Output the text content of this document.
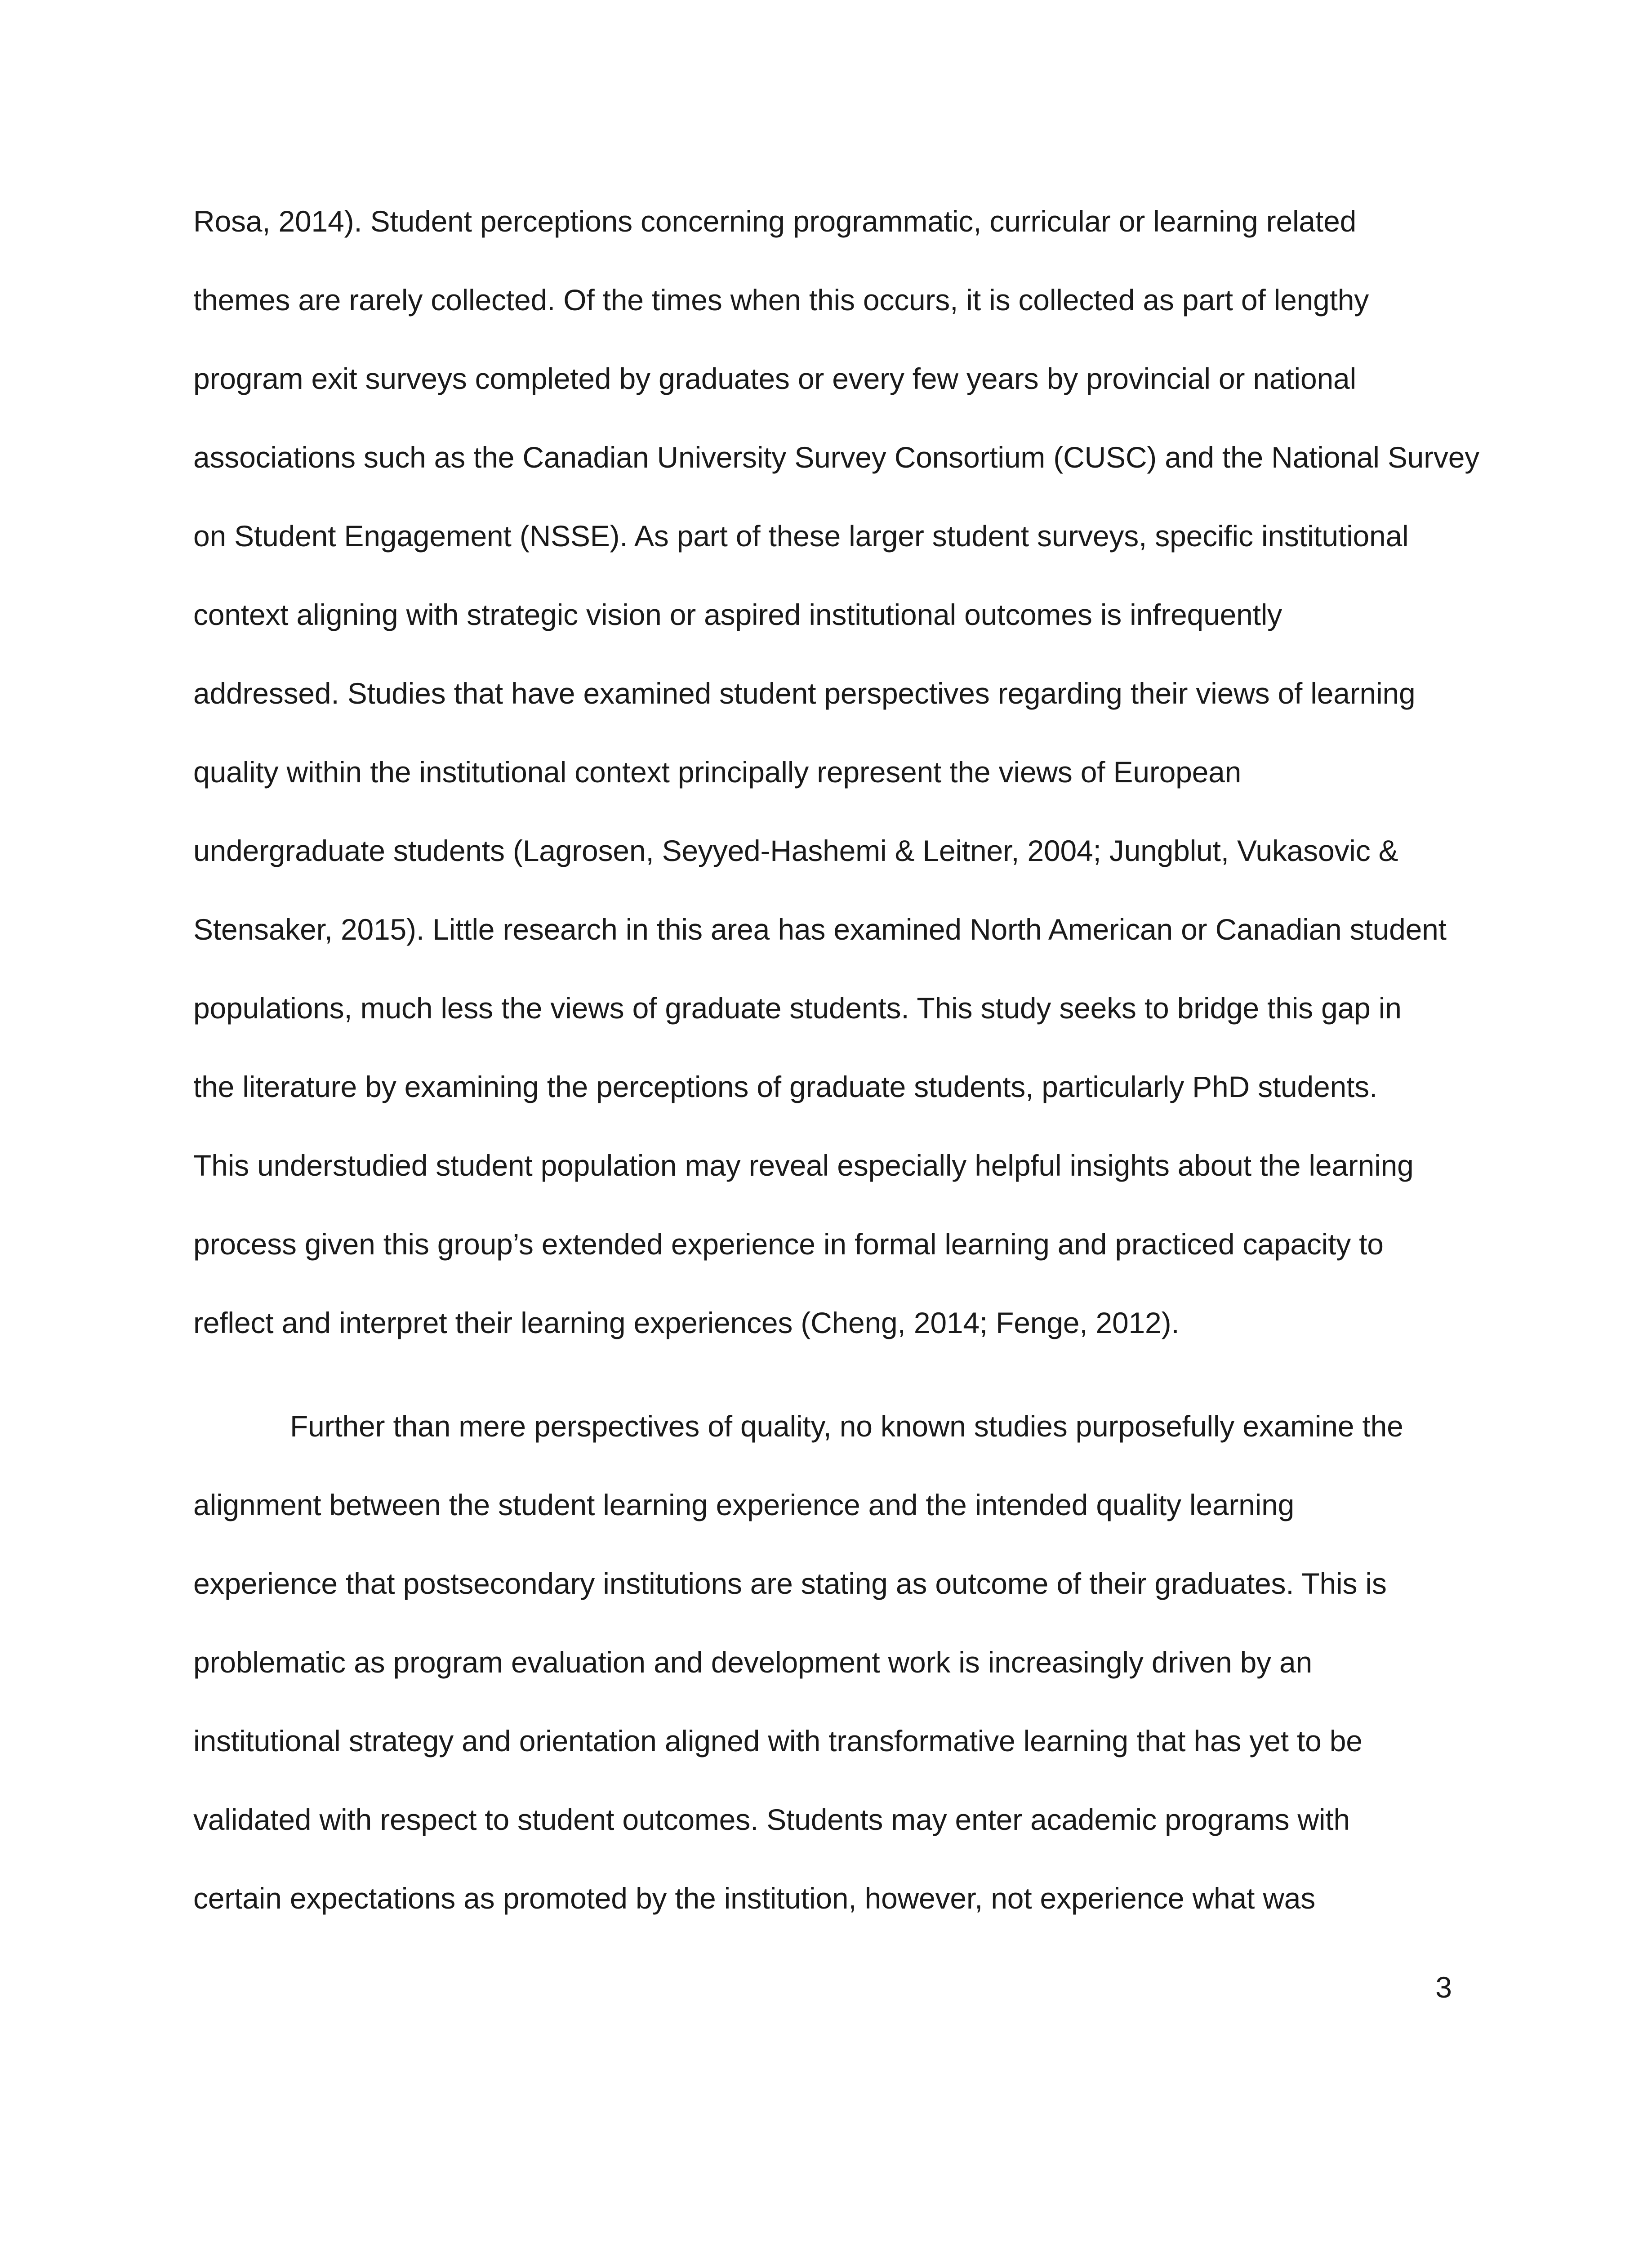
Rosa, 2014). Student perceptions concerning programmatic, curricular or learning related
themes are rarely collected. Of the times when this occurs, it is collected as part of lengthy
program exit surveys completed by graduates or every few years by provincial or national
associations such as the Canadian University Survey Consortium (CUSC) and the National Survey
on Student Engagement (NSSE). As part of these larger student surveys, specific institutional
context aligning with strategic vision or aspired institutional outcomes is infrequently
addressed. Studies that have examined student perspectives regarding their views of learning
quality within the institutional context principally represent the views of European
undergraduate students (Lagrosen, Seyyed-Hashemi & Leitner, 2004; Jungblut, Vukasovic &
Stensaker, 2015). Little research in this area has examined North American or Canadian student
populations, much less the views of graduate students. This study seeks to bridge this gap in
the literature by examining the perceptions of graduate students, particularly PhD students.
This understudied student population may reveal especially helpful insights about the learning
process given this group’s extended experience in formal learning and practiced capacity to
reflect and interpret their learning experiences (Cheng, 2014; Fenge, 2012).
Further than mere perspectives of quality, no known studies purposefully examine the
alignment between the student learning experience and the intended quality learning
experience that postsecondary institutions are stating as outcome of their graduates. This is
problematic as program evaluation and development work is increasingly driven by an
institutional strategy and orientation aligned with transformative learning that has yet to be
validated with respect to student outcomes. Students may enter academic programs with
certain expectations as promoted by the institution, however, not experience what was
3
